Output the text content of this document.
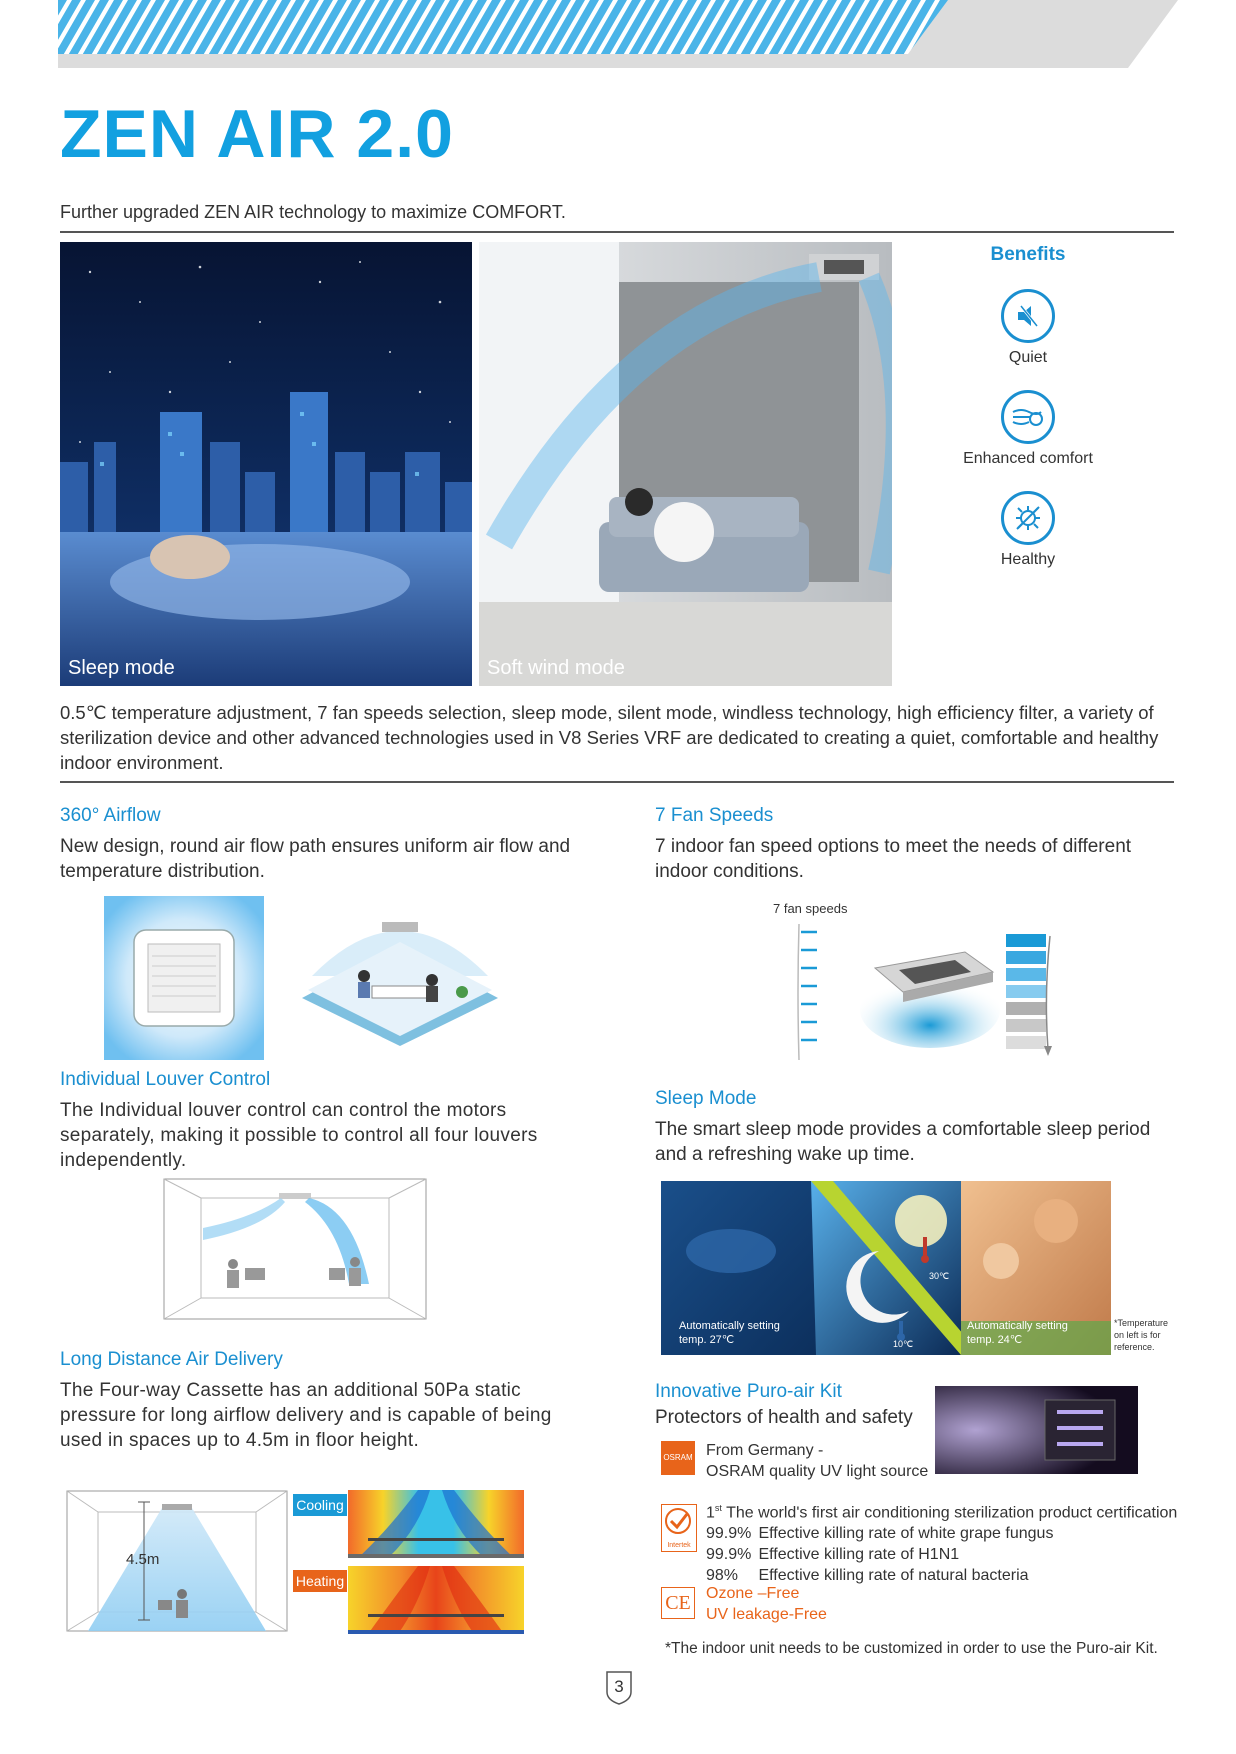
ZEN AIR 2.0
Further upgraded ZEN AIR technology to maximize COMFORT.
Sleep mode	Soft wind mode
Benefits
Quiet
Enhanced comfort
Healthy
0.5℃ temperature adjustment, 7 fan speeds selection, sleep mode, silent mode, windless technology, high efficiency filter, a variety of sterilization device and other advanced technologies used in V8 Series VRF are dedicated to creating a quiet, comfortable and healthy indoor environment.
360° Airflow
New design, round air flow path ensures uniform air flow and temperature distribution.
7 Fan Speeds
7 indoor fan speed options to meet the needs of different indoor conditions.
7 fan speeds
Individual Louver Control
The Individual louver control can control the motors separately, making it possible to control all four louvers independently.
Sleep Mode
The smart sleep mode provides a comfortable sleep period and a refreshing wake up time.
Automatically setting
temp. 27℃
30℃
10℃
Automatically setting
temp. 24℃
*Temperature on left is for reference.
Long Distance Air Delivery
The Four-way Cassette has an additional 50Pa static pressure for long airflow delivery and is capable of being used in spaces up to 4.5m in floor height.
4.5m
Cooling
Heating
Innovative Puro-air Kit
Protectors of health and safety
OSRAM From Germany -
OSRAM quality UV light source
Intertek
1st The world's first air conditioning sterilization product certification
99.9% Effective killing rate of white grape fungus
99.9% Effective killing rate of H1N1
98% Effective killing rate of natural bacteria
CE Ozone –Free
UV leakage-Free
*The indoor unit needs to be customized in order to use the Puro-air Kit.
3
